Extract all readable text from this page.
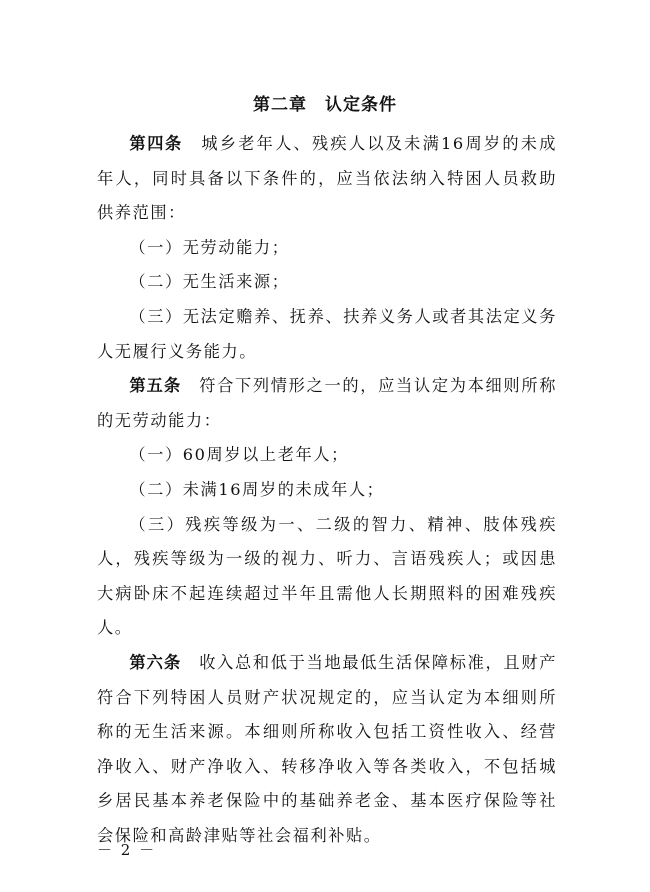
第二章　认定条件

第四条　 城乡老年人、残疾人以及未满16周岁的未成年人，同时具备以下条件的，应当依法纳入特困人员救助供养范围：

（一）无劳动能力；

（二）无生活来源；

（三）无法定赡养、抚养、扶养义务人或者其法定义务人无履行义务能力。

第五条　 符合下列情形之一的，应当认定为本细则所称的无劳动能力：

（一）60周岁以上老年人；

（二）未满16周岁的未成年人；

（三）残疾等级为一、二级的智力、精神、肢体残疾人，残疾等级为一级的视力、听力、言语残疾人；或因患大病卧床不起连续超过半年且需他人长期照料的困难残疾人。

第六条　 收入总和低于当地最低生活保障标准，且财产符合下列特困人员财产状况规定的，应当认定为本细则所称的无生活来源。本细则所称收入包括工资性收入、经营净收入、财产净收入、转移净收入等各类收入，不包括城乡居民基本养老保险中的基础养老金、基本医疗保险等社会保险和高龄津贴等社会福利补贴。

－ 2 －
